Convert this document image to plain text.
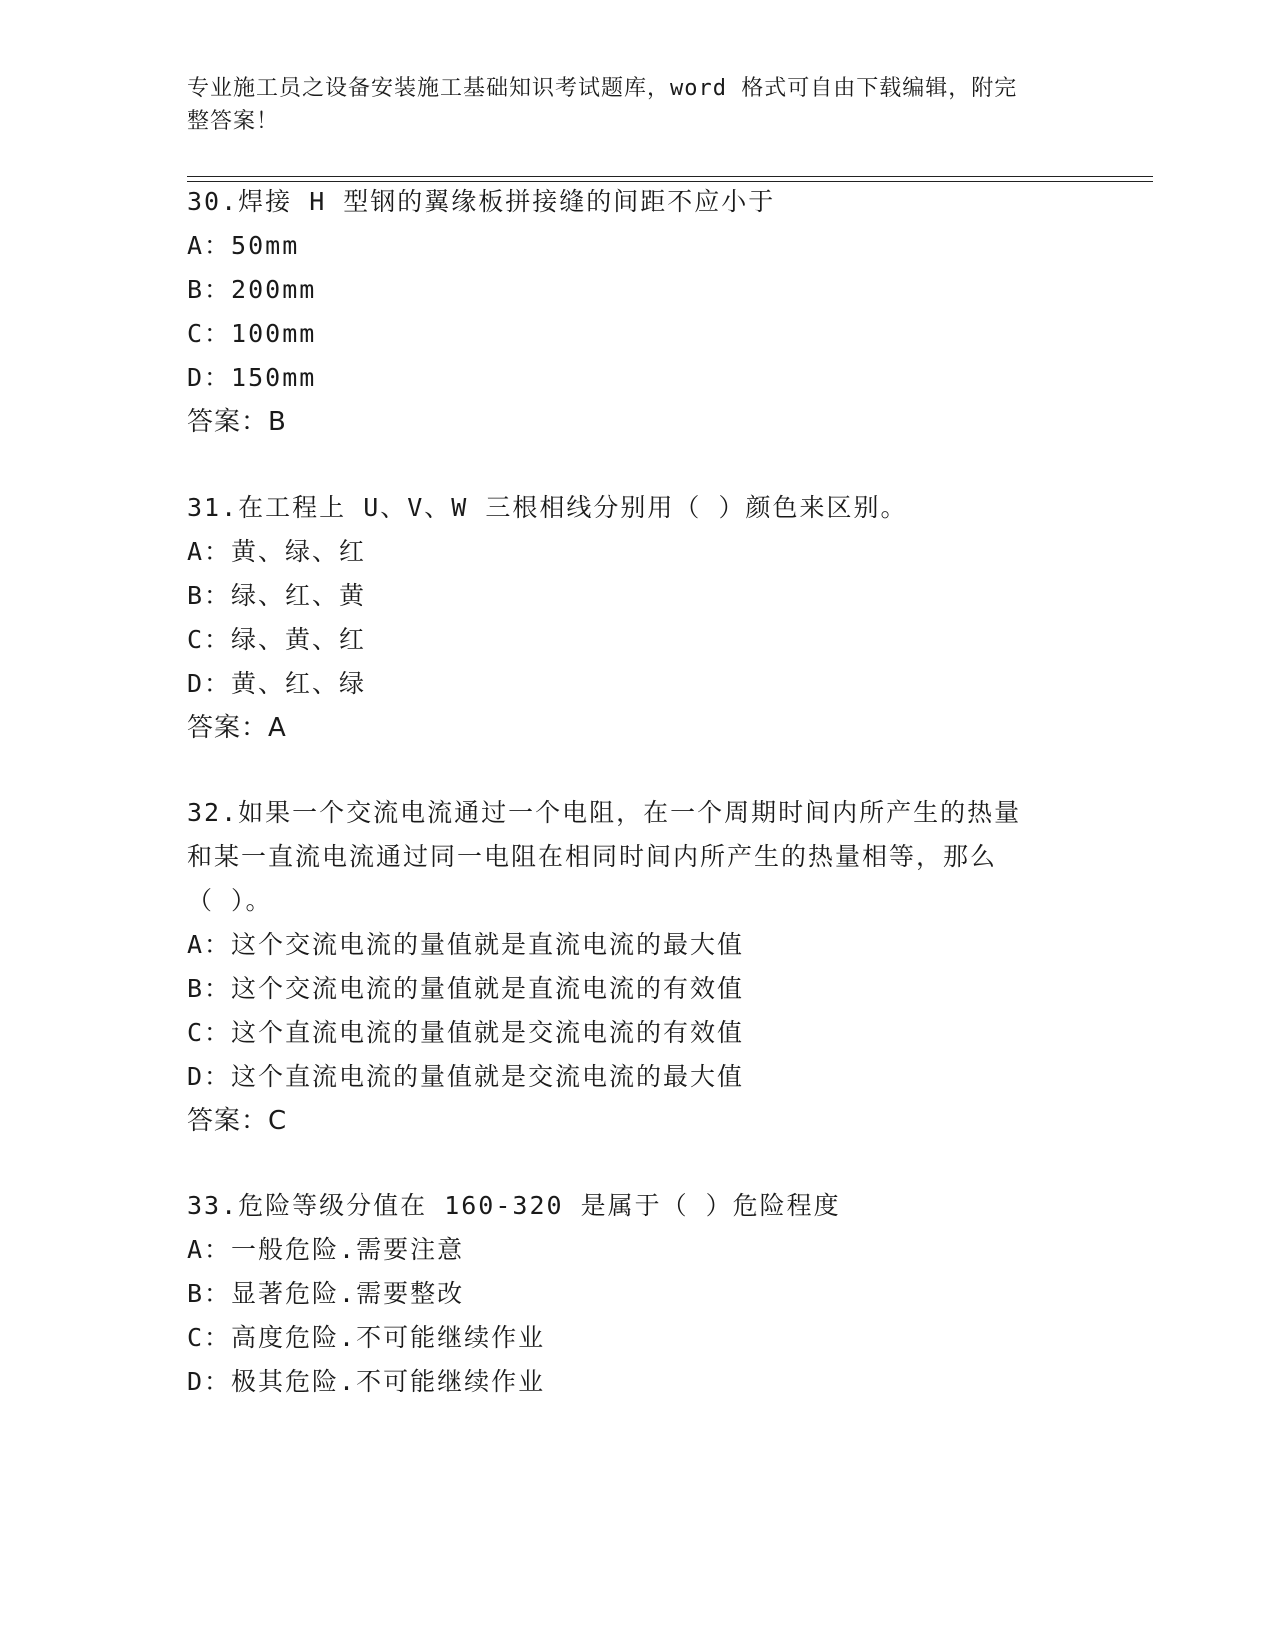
专业施工员之设备安装施工基础知识考试题库，word 格式可自由下载编辑，附完
整答案！
30.焊接 H 型钢的翼缘板拼接缝的间距不应小于
A：50mm
B：200mm
C：100mm
D：150mm
答案：B
31.在工程上 U、V、W 三根相线分别用（ ）颜色来区别。
A：黄、绿、红
B：绿、红、黄
C：绿、黄、红
D：黄、红、绿
答案：A
32.如果一个交流电流通过一个电阻，在一个周期时间内所产生的热量
和某一直流电流通过同一电阻在相同时间内所产生的热量相等，那么
（ ）。
A：这个交流电流的量值就是直流电流的最大值
B：这个交流电流的量值就是直流电流的有效值
C：这个直流电流的量值就是交流电流的有效值
D：这个直流电流的量值就是交流电流的最大值
答案：C
33.危险等级分值在 160-320 是属于（ ）危险程度
A：一般危险.需要注意
B：显著危险.需要整改
C：高度危险.不可能继续作业
D：极其危险.不可能继续作业
